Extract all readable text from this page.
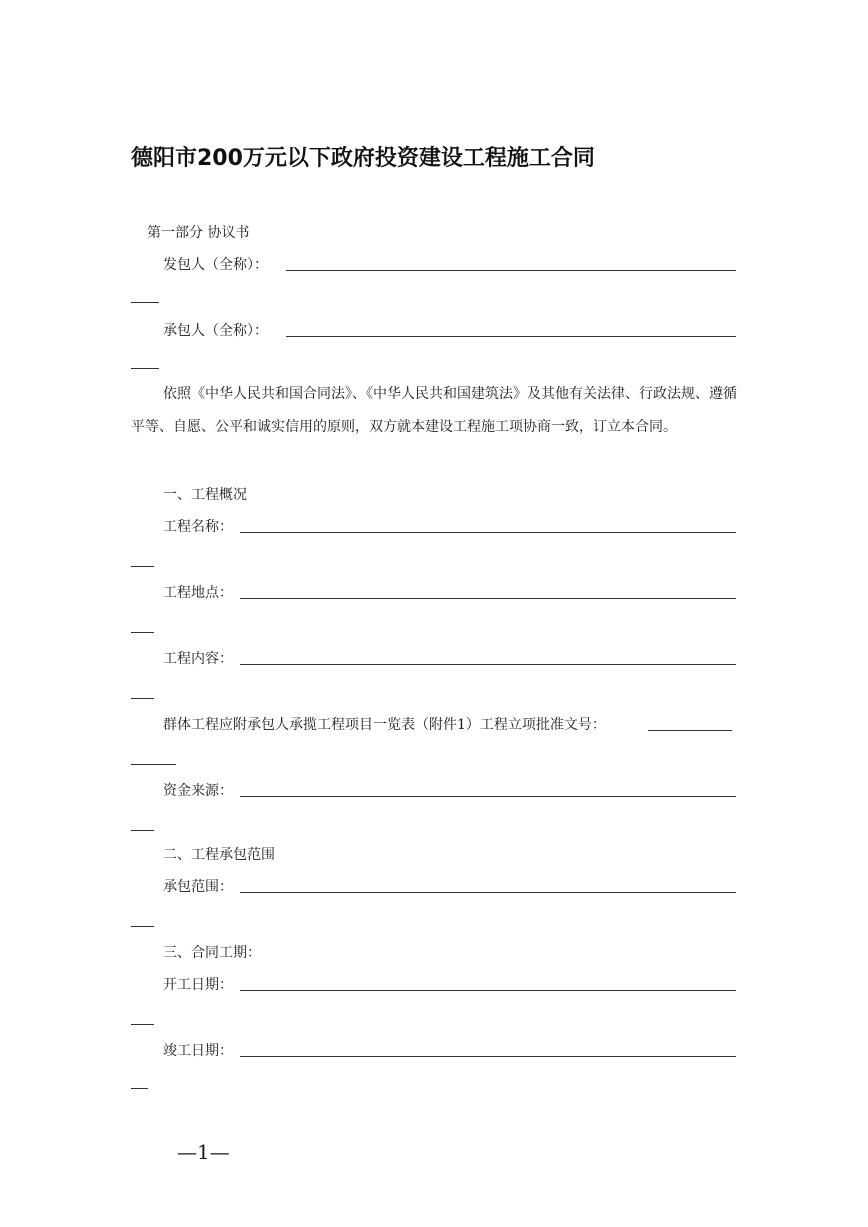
德阳市200万元以下政府投资建设工程施工合同
第一部分 协议书
发包人（全称）：
承包人（全称）：
依照《中华人民共和国合同法》、《中华人民共和国建筑法》及其他有关法律、行政法规、遵循平等、自愿、公平和诚实信用的原则，双方就本建设工程施工项协商一致，订立本合同。
一、工程概况
工程名称：
工程地点：
工程内容：
群体工程应附承包人承揽工程项目一览表（附件1）工程立项批准文号：
资金来源：
二、工程承包范围
承包范围：
三、合同工期：
开工日期：
竣工日期：
—1—
